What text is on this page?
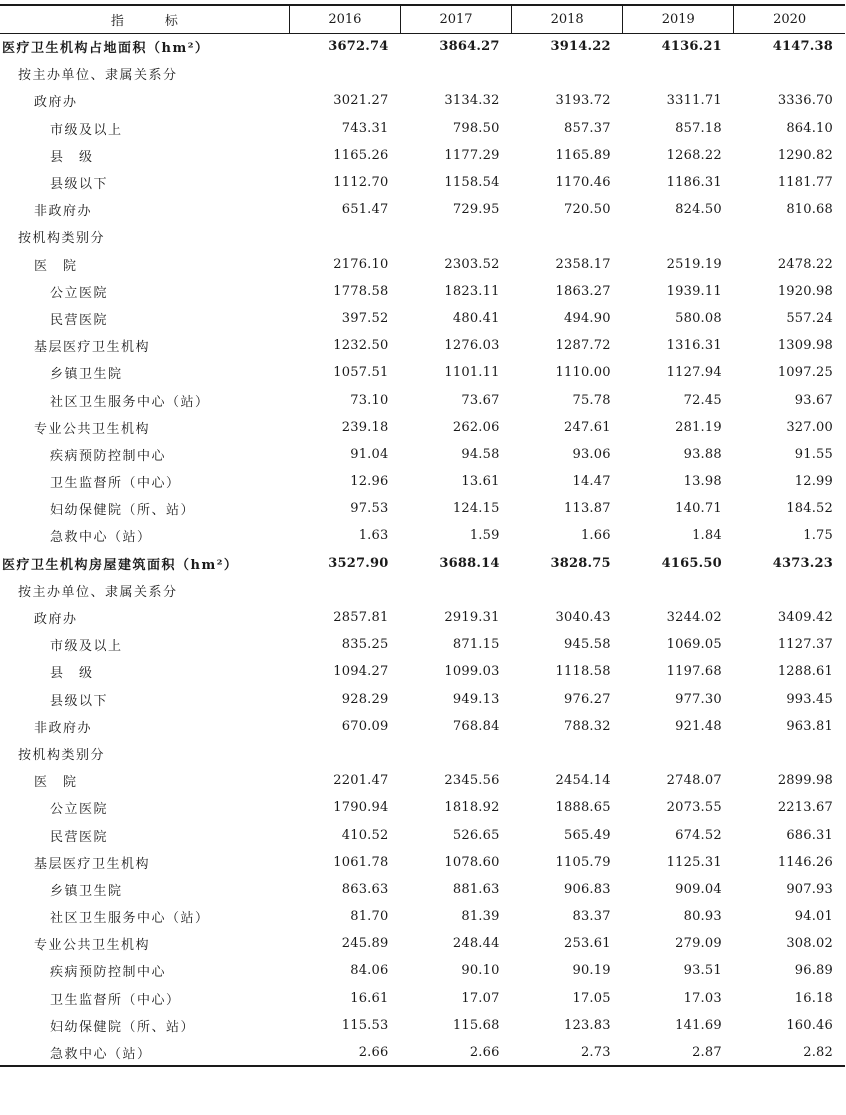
指　标	2016	2017	2018	2019	2020
医疗卫生机构占地面积（hm²）	3672.74	3864.27	3914.22	4136.21	4147.38
按主办单位、隶属关系分					
政府办	3021.27	3134.32	3193.72	3311.71	3336.70
市级及以上	743.31	798.50	857.37	857.18	864.10
县　级	1165.26	1177.29	1165.89	1268.22	1290.82
县级以下	1112.70	1158.54	1170.46	1186.31	1181.77
非政府办	651.47	729.95	720.50	824.50	810.68
按机构类别分					
医　院	2176.10	2303.52	2358.17	2519.19	2478.22
公立医院	1778.58	1823.11	1863.27	1939.11	1920.98
民营医院	397.52	480.41	494.90	580.08	557.24
基层医疗卫生机构	1232.50	1276.03	1287.72	1316.31	1309.98
乡镇卫生院	1057.51	1101.11	1110.00	1127.94	1097.25
社区卫生服务中心（站）	73.10	73.67	75.78	72.45	93.67
专业公共卫生机构	239.18	262.06	247.61	281.19	327.00
疾病预防控制中心	91.04	94.58	93.06	93.88	91.55
卫生监督所（中心）	12.96	13.61	14.47	13.98	12.99
妇幼保健院（所、站）	97.53	124.15	113.87	140.71	184.52
急救中心（站）	1.63	1.59	1.66	1.84	1.75
医疗卫生机构房屋建筑面积（hm²）	3527.90	3688.14	3828.75	4165.50	4373.23
按主办单位、隶属关系分					
政府办	2857.81	2919.31	3040.43	3244.02	3409.42
市级及以上	835.25	871.15	945.58	1069.05	1127.37
县　级	1094.27	1099.03	1118.58	1197.68	1288.61
县级以下	928.29	949.13	976.27	977.30	993.45
非政府办	670.09	768.84	788.32	921.48	963.81
按机构类别分					
医　院	2201.47	2345.56	2454.14	2748.07	2899.98
公立医院	1790.94	1818.92	1888.65	2073.55	2213.67
民营医院	410.52	526.65	565.49	674.52	686.31
基层医疗卫生机构	1061.78	1078.60	1105.79	1125.31	1146.26
乡镇卫生院	863.63	881.63	906.83	909.04	907.93
社区卫生服务中心（站）	81.70	81.39	83.37	80.93	94.01
专业公共卫生机构	245.89	248.44	253.61	279.09	308.02
疾病预防控制中心	84.06	90.10	90.19	93.51	96.89
卫生监督所（中心）	16.61	17.07	17.05	17.03	16.18
妇幼保健院（所、站）	115.53	115.68	123.83	141.69	160.46
急救中心（站）	2.66	2.66	2.73	2.87	2.82
